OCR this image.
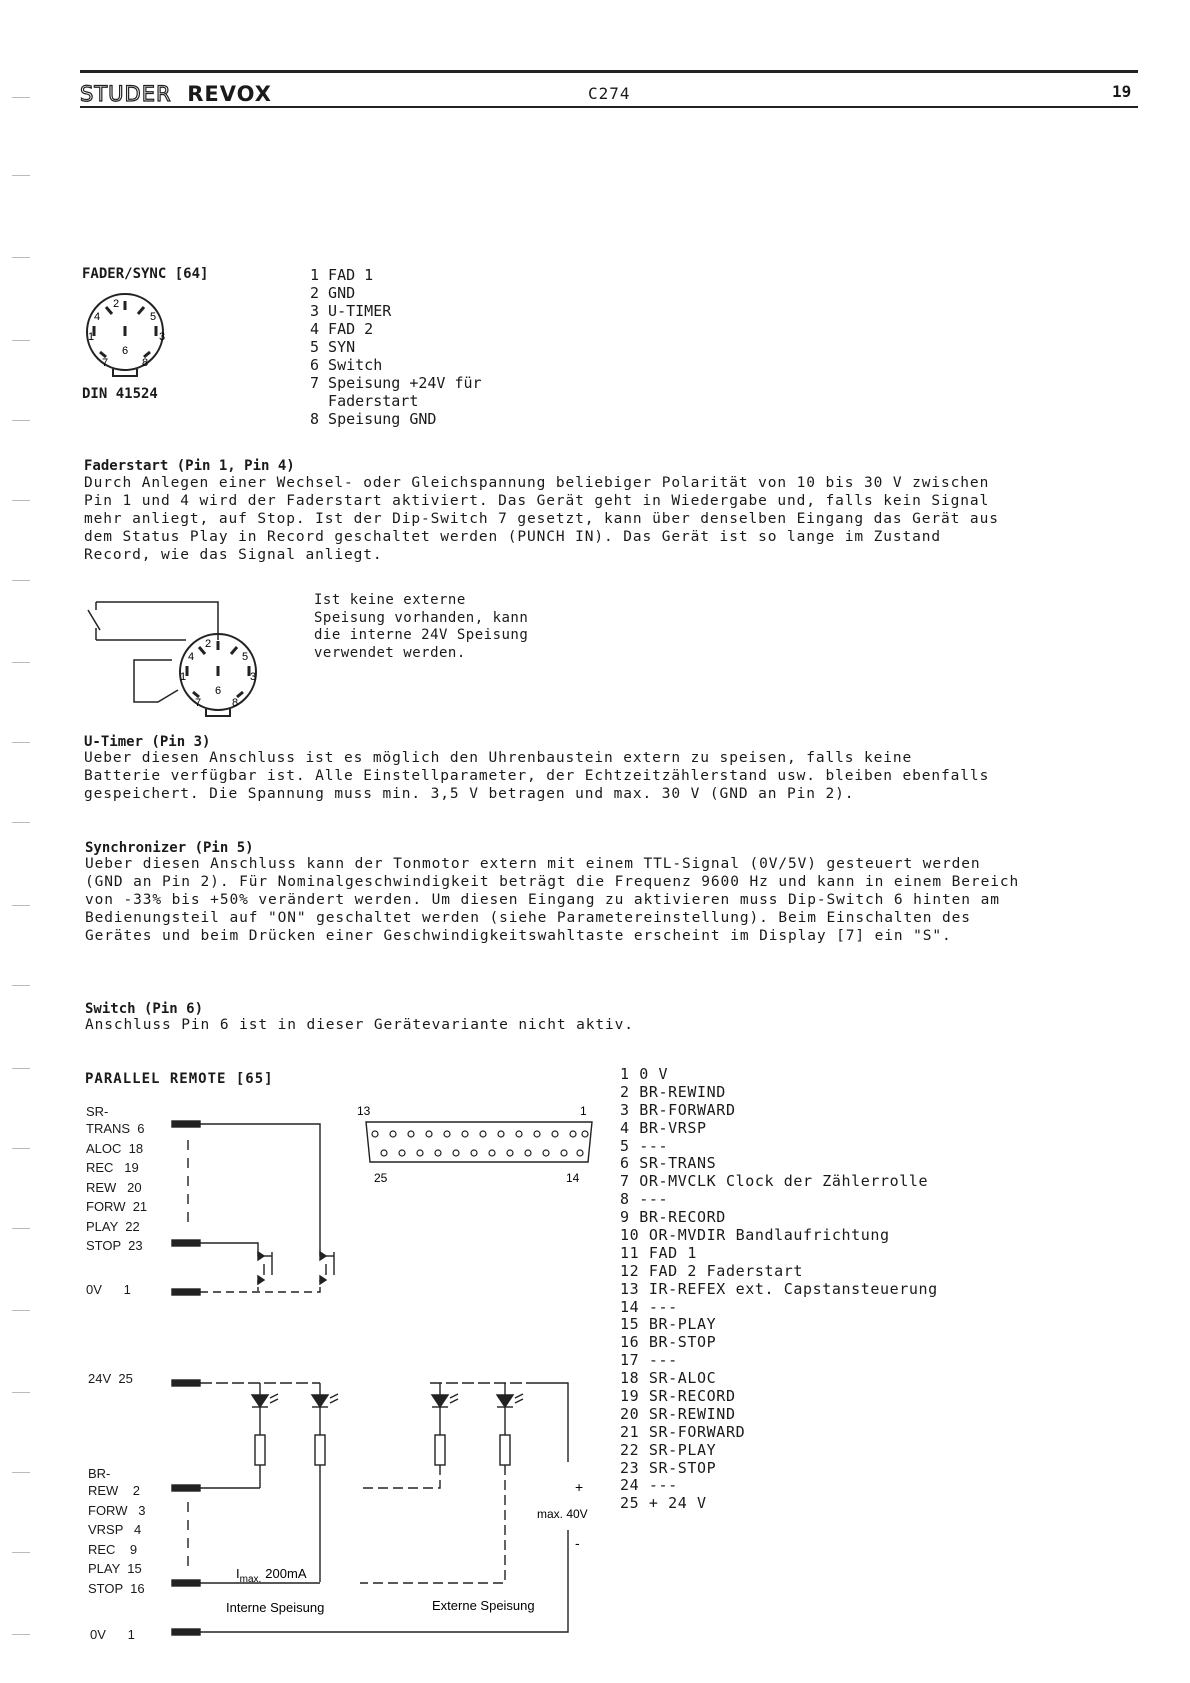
STUDER REVOX	C274	19
FADER/SYNC [64]
1
2
3
4	5
6
7	8
DIN 41524
1 FAD 1
2 GND
3 U-TIMER
4 FAD 2
5 SYN
6 Switch
7 Speisung +24V für
Faderstart
8 Speisung GND
Faderstart (Pin 1, Pin 4)
Durch Anlegen einer Wechsel- oder Gleichspannung beliebiger Polarität von 10 bis 30 V zwischen
Pin 1 und 4 wird der Faderstart aktiviert. Das Gerät geht in Wiedergabe und, falls kein Signal
mehr anliegt, auf Stop. Ist der Dip-Switch 7 gesetzt, kann über denselben Eingang das Gerät aus
dem Status Play in Record geschaltet werden (PUNCH IN). Das Gerät ist so lange im Zustand
Record, wie das Signal anliegt.
1
2
3
4	5
6
7	8
Ist keine externe
Speisung vorhanden, kann
die interne 24V Speisung
verwendet werden.
U-Timer (Pin 3)
Ueber diesen Anschluss ist es möglich den Uhrenbaustein extern zu speisen, falls keine
Batterie verfügbar ist. Alle Einstellparameter, der Echtzeitzählerstand usw. bleiben ebenfalls
gespeichert. Die Spannung muss min. 3,5 V betragen und max. 30 V (GND an Pin 2).
Synchronizer (Pin 5)
Ueber diesen Anschluss kann der Tonmotor extern mit einem TTL-Signal (0V/5V) gesteuert werden
(GND an Pin 2). Für Nominalgeschwindigkeit beträgt die Frequenz 9600 Hz und kann in einem Bereich
von -33% bis +50% verändert werden. Um diesen Eingang zu aktivieren muss Dip-Switch 6 hinten am
Bedienungsteil auf "ON" geschaltet werden (siehe Parametereinstellung). Beim Einschalten des
Gerätes und beim Drücken einer Geschwindigkeitswahltaste erscheint im Display [7] ein "S".
Switch (Pin 6)
Anschluss Pin 6 ist in dieser Gerätevariante nicht aktiv.
PARALLEL REMOTE [65]
SR-
TRANS  6
ALOC  18
REC   19
REW   20
FORW  21
PLAY  22
STOP  23
0V      1
24V  25
BR-
REW    2
FORW   3
VRSP   4
REC    9
PLAY  15
STOP  16
0V      1
13	1
25	14
$I_{max.}$ 200mA
Interne Speisung	Externe Speisung
+
max. 40V
-
1 0 V
2 BR-REWIND
3 BR-FORWARD
4 BR-VRSP
5 ---
6 SR-TRANS
7 OR-MVCLK Clock der Zählerrolle
8 ---
9 BR-RECORD
10 OR-MVDIR Bandlaufrichtung
11 FAD 1
12 FAD 2 Faderstart
13 IR-REFEX ext. Capstansteuerung
14 ---
15 BR-PLAY
16 BR-STOP
17 ---
18 SR-ALOC
19 SR-RECORD
20 SR-REWIND
21 SR-FORWARD
22 SR-PLAY
23 SR-STOP
24 ---
25 + 24 V
